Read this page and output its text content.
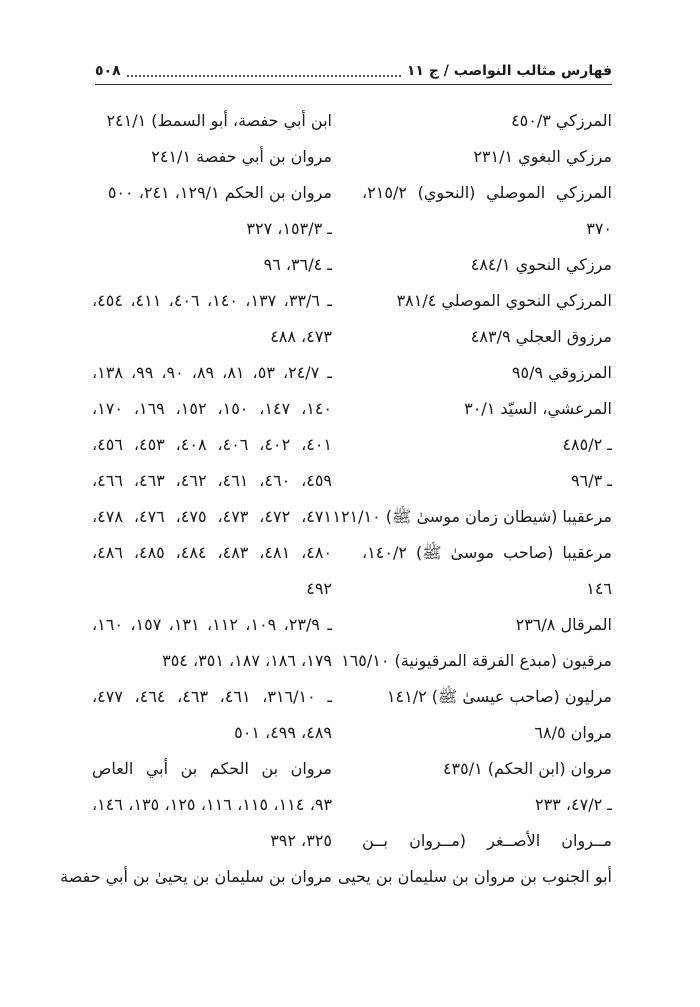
فهارس مثالب النواصب / ج ١١
٥٠٨
المرزكي ٤٥٠/٣
مرزكي البغوي ٢٣١/١
المرزكي الموصلي (النحوي) ٢١٥/٢،
٣٧٠
مرزكي النحوي ٤٨٤/١
المرزكي النحوي الموصلي ٣٨١/٤
مرزوق العجلي ٤٨٣/٩
المرزوقي ٩٥/٩
المرعشي، السيّد ٣٠/١
ـ ٤٨٥/٢
ـ ٩٦/٣
مرعقيبا (شيطان زمان موسىٰ ﷺ) ١٢١/١٠
مرعقيبا (صاحب موسىٰ ﷺ) ١٤٠/٢،
١٤٦
المرقال ٢٣٦/٨
مرقيون (مبدع الفرقة المرقيونية) ١٦٥/١٠
مرليون (صاحب عيسىٰ ﷺ) ١٤١/٢
مروان ٦٨/٥
مروان (ابن الحكم) ٤٣٥/١
ـ ٤٧/٢، ٢٣٣
مــروان الأصــغر (مــروان بــن
أبو الجنوب بن مروان بن سليمان بن يحيى
ابن أبي حفصة، أبو السمط) ٢٤١/١
مروان بن أبي حفصة ٢٤١/١
مروان بن الحكم ١٢٩/١، ٢٤١، ٥٠٠
ـ ١٥٣/٣، ٣٢٧
ـ ٣٦/٤، ٩٦
ـ ٣٣/٦، ١٣٧، ١٤٠، ٤٠٦، ٤١١، ٤٥٤،
٤٧٣، ٤٨٨
ـ ٢٤/٧، ٥٣، ٨١، ٨٩، ٩٠، ٩٩، ١٣٨،
١٤٠، ١٤٧، ١٥٠، ١٥٢، ١٦٩، ١٧٠،
٤٠١، ٤٠٢، ٤٠٦، ٤٠٨، ٤٥٣، ٤٥٦،
٤٥٩، ٤٦٠، ٤٦١، ٤٦٢، ٤٦٣، ٤٦٦،
٤٧١، ٤٧٢، ٤٧٣، ٤٧٥، ٤٧٦، ٤٧٨،
٤٨٠، ٤٨١، ٤٨٣، ٤٨٤، ٤٨٥، ٤٨٦،
٤٩٢
ـ ٢٣/٩، ١٠٩، ١١٢، ١٣١، ١٥٧، ١٦٠،
١٧٩، ١٨٦، ١٨٧، ٣٥١، ٣٥٤
ـ ٣١٦/١٠، ٤٦١، ٤٦٣، ٤٦٤، ٤٧٧،
٤٨٩، ٤٩٩، ٥٠١
مروان بن الحكم بن أبي العاص
٩٣، ١١٤، ١١٥، ١١٦، ١٢٥، ١٣٥، ١٤٦،
٣٢٥، ٣٩٢
مروان بن سليمان بن يحيىٰ بن أبي حفصة
